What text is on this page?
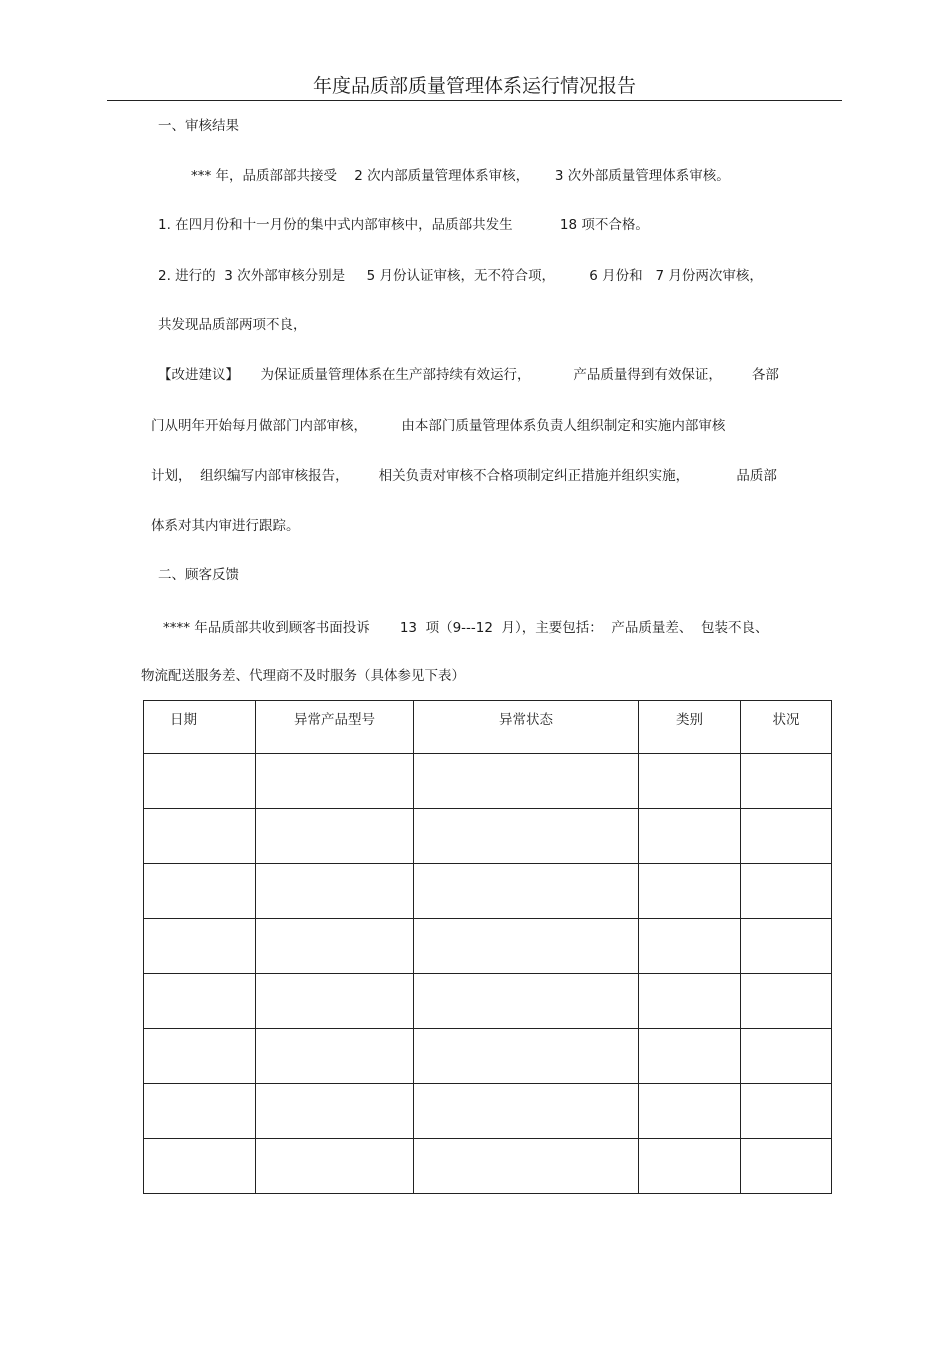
年度品质部质量管理体系运行情况报告
一、审核结果
*** 年，品质部部共接受    2 次内部质量管理体系审核，      3 次外部质量管理体系审核。
1. 在四月份和十一月份的集中式内部审核中，品质部共发生           18 项不合格。
2. 进行的  3 次外部审核分别是     5 月份认证审核，无不符合项，        6 月份和   7 月份两次审核，
共发现品质部两项不良，
【改进建议】     为保证质量管理体系在生产部持续有效运行，          产品质量得到有效保证，       各部
门从明年开始每月做部门内部审核，        由本部门质量管理体系负责人组织制定和实施内部审核
计划，  组织编写内部审核报告，       相关负责对审核不合格项制定纠正措施并组织实施，           品质部
体系对其内审进行跟踪。
二、顾客反馈
**** 年品质部共收到顾客书面投诉       13  项（9---12  月），主要包括：  产品质量差、  包装不良、
物流配送服务差、代理商不及时服务（具体参见下表）
日期	异常产品型号	异常状态	类别	状况
